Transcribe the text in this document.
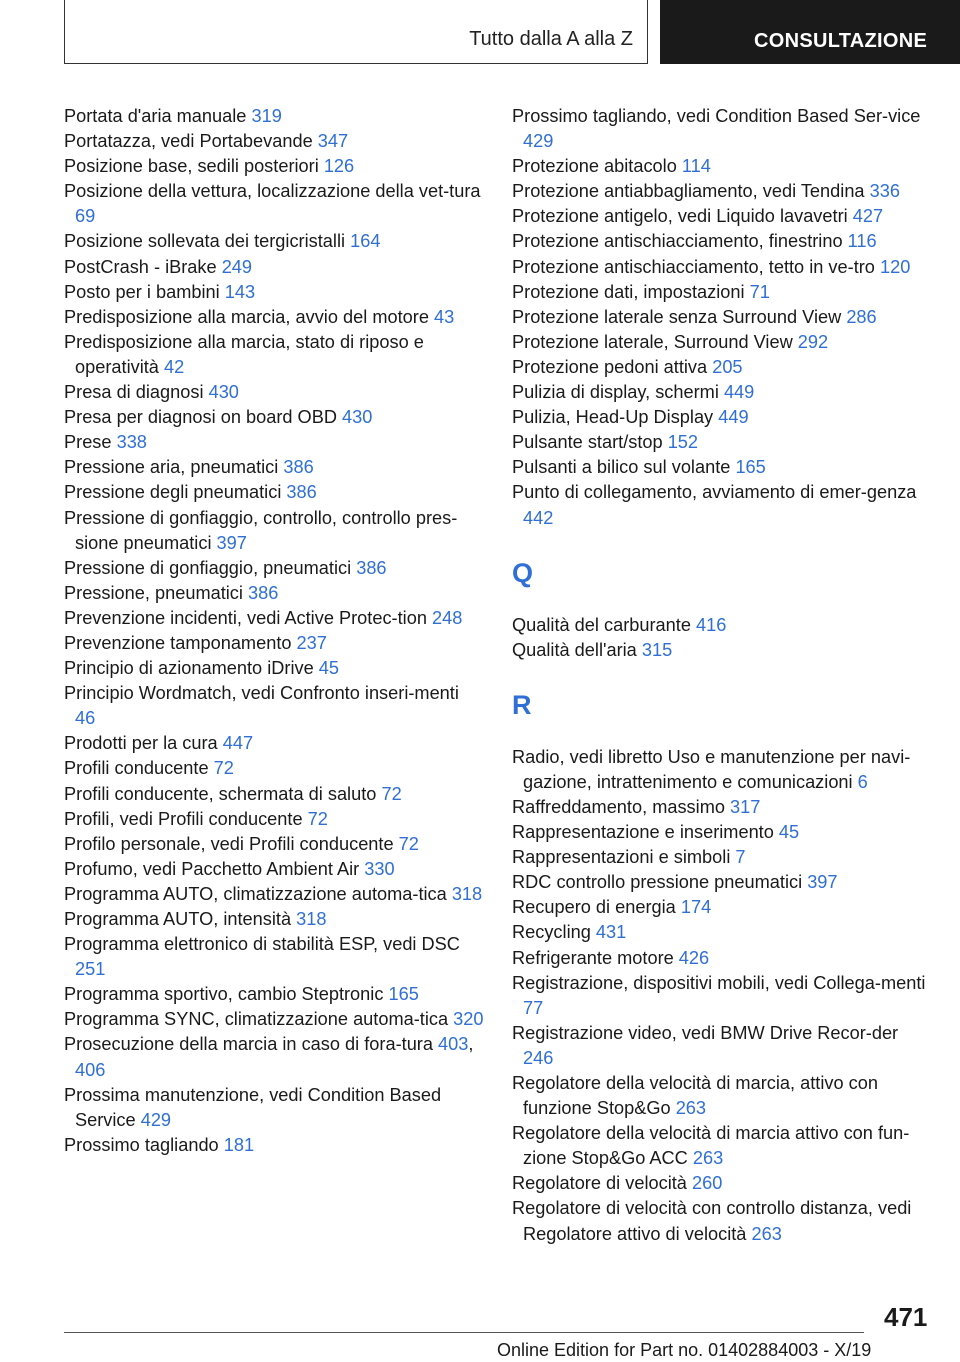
Tutto dalla A alla Z	CONSULTAZIONE
Portata d'aria manuale 319
Portatazza, vedi Portabevande 347
Posizione base, sedili posteriori 126
Posizione della vettura, localizzazione della vet-tura 69
Posizione sollevata dei tergicristalli 164
PostCrash - iBrake 249
Posto per i bambini 143
Predisposizione alla marcia, avvio del motore 43
Predisposizione alla marcia, stato di riposo e operatività 42
Presa di diagnosi 430
Presa per diagnosi on board OBD 430
Prese 338
Pressione aria, pneumatici 386
Pressione degli pneumatici 386
Pressione di gonfiaggio, controllo, controllo pres-sione pneumatici 397
Pressione di gonfiaggio, pneumatici 386
Pressione, pneumatici 386
Prevenzione incidenti, vedi Active Protec-tion 248
Prevenzione tamponamento 237
Principio di azionamento iDrive 45
Principio Wordmatch, vedi Confronto inseri-menti 46
Prodotti per la cura 447
Profili conducente 72
Profili conducente, schermata di saluto 72
Profili, vedi Profili conducente 72
Profilo personale, vedi Profili conducente 72
Profumo, vedi Pacchetto Ambient Air 330
Programma AUTO, climatizzazione automa-tica 318
Programma AUTO, intensità 318
Programma elettronico di stabilità ESP, vedi DSC 251
Programma sportivo, cambio Steptronic 165
Programma SYNC, climatizzazione automa-tica 320
Prosecuzione della marcia in caso di fora-tura 403, 406
Prossima manutenzione, vedi Condition Based Service 429
Prossimo tagliando 181
Prossimo tagliando, vedi Condition Based Ser-vice 429
Protezione abitacolo 114
Protezione antiabbagliamento, vedi Tendina 336
Protezione antigelo, vedi Liquido lavavetri 427
Protezione antischiacciamento, finestrino 116
Protezione antischiacciamento, tetto in ve-tro 120
Protezione dati, impostazioni 71
Protezione laterale senza Surround View 286
Protezione laterale, Surround View 292
Protezione pedoni attiva 205
Pulizia di display, schermi 449
Pulizia, Head-Up Display 449
Pulsante start/stop 152
Pulsanti a bilico sul volante 165
Punto di collegamento, avviamento di emer-genza 442
Q
Qualità del carburante 416
Qualità dell'aria 315
R
Radio, vedi libretto Uso e manutenzione per navi-gazione, intrattenimento e comunicazioni 6
Raffreddamento, massimo 317
Rappresentazione e inserimento 45
Rappresentazioni e simboli 7
RDC controllo pressione pneumatici 397
Recupero di energia 174
Recycling 431
Refrigerante motore 426
Registrazione, dispositivi mobili, vedi Collega-menti 77
Registrazione video, vedi BMW Drive Recor-der 246
Regolatore della velocità di marcia, attivo con funzione Stop&Go 263
Regolatore della velocità di marcia attivo con fun-zione Stop&Go ACC 263
Regolatore di velocità 260
Regolatore di velocità con controllo distanza, vedi Regolatore attivo di velocità 263
471
Online Edition for Part no. 01402884003 - X/19
